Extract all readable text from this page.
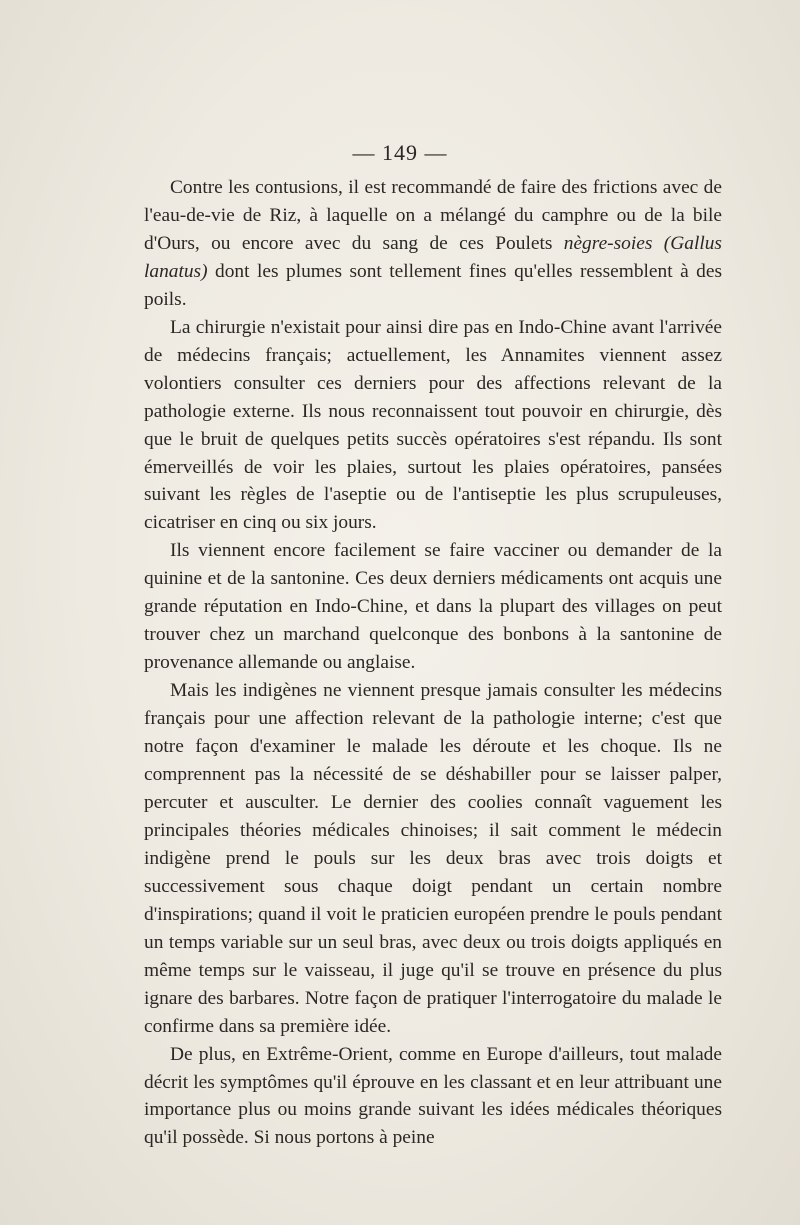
— 149 —

Contre les contusions, il est recommandé de faire des frictions avec de l'eau-de-vie de Riz, à laquelle on a mélangé du camphre ou de la bile d'Ours, ou encore avec du sang de ces Poulets nègre-soies (Gallus lanatus) dont les plumes sont tellement fines qu'elles ressemblent à des poils.

La chirurgie n'existait pour ainsi dire pas en Indo-Chine avant l'arrivée de médecins français; actuellement, les Annamites viennent assez volontiers consulter ces derniers pour des affections relevant de la pathologie externe. Ils nous reconnaissent tout pouvoir en chirurgie, dès que le bruit de quelques petits succès opératoires s'est répandu. Ils sont émerveillés de voir les plaies, surtout les plaies opératoires, pansées suivant les règles de l'aseptie ou de l'antiseptie les plus scrupuleuses, cicatriser en cinq ou six jours.

Ils viennent encore facilement se faire vacciner ou demander de la quinine et de la santonine. Ces deux derniers médicaments ont acquis une grande réputation en Indo-Chine, et dans la plupart des villages on peut trouver chez un marchand quelconque des bonbons à la santonine de provenance allemande ou anglaise.

Mais les indigènes ne viennent presque jamais consulter les médecins français pour une affection relevant de la pathologie interne; c'est que notre façon d'examiner le malade les déroute et les choque. Ils ne comprennent pas la nécessité de se déshabiller pour se laisser palper, percuter et ausculter. Le dernier des coolies connaît vaguement les principales théories médicales chinoises; il sait comment le médecin indigène prend le pouls sur les deux bras avec trois doigts et successivement sous chaque doigt pendant un certain nombre d'inspirations; quand il voit le praticien européen prendre le pouls pendant un temps variable sur un seul bras, avec deux ou trois doigts appliqués en même temps sur le vaisseau, il juge qu'il se trouve en présence du plus ignare des barbares. Notre façon de pratiquer l'interrogatoire du malade le confirme dans sa première idée.

De plus, en Extrême-Orient, comme en Europe d'ailleurs, tout malade décrit les symptômes qu'il éprouve en les classant et en leur attribuant une importance plus ou moins grande suivant les idées médicales théoriques qu'il possède. Si nous portons à peine
